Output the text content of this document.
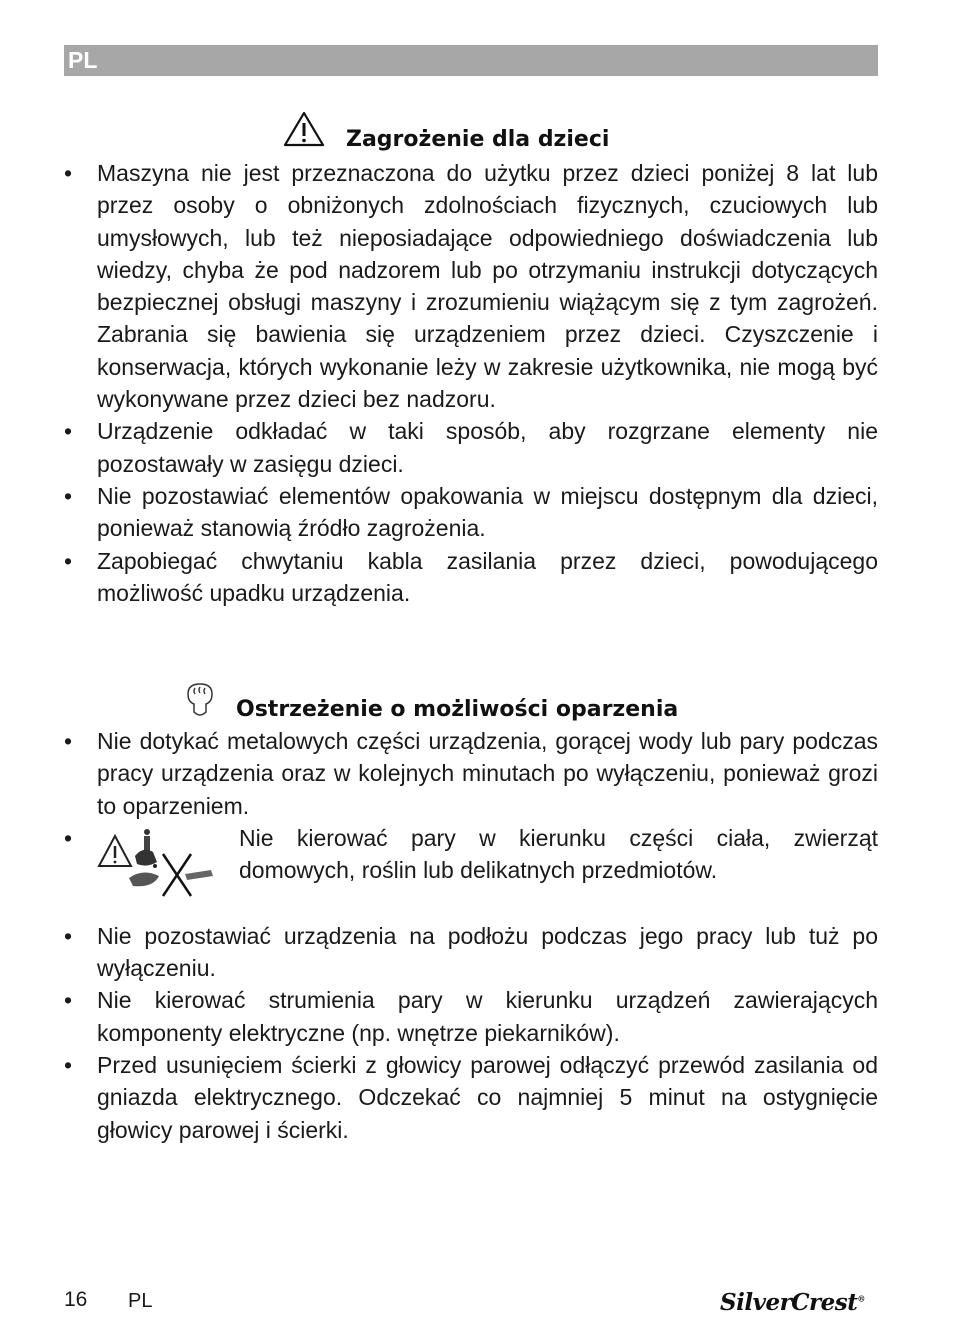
PL
Zagrożenie dla dzieci
• Maszyna nie jest przeznaczona do użytku przez dzieci poniżej 8 lat lub przez osoby o obniżonych zdolnościach fizycznych, czuciowych lub umysłowych, lub też nieposiadające odpowiedniego doświadczenia lub wiedzy, chyba że pod nadzorem lub po otrzymaniu instrukcji dotyczących bezpiecznej obsługi maszyny i zrozumieniu wiążącym się z tym zagrożeń. Zabrania się bawienia się urządzeniem przez dzieci. Czyszczenie i konserwacja, których wykonanie leży w zakresie użytkownika, nie mogą być wykonywane przez dzieci bez nadzoru.
• Urządzenie odkładać w taki sposób, aby rozgrzane elementy nie pozostawały w zasięgu dzieci.
• Nie pozostawiać elementów opakowania w miejscu dostępnym dla dzieci, ponieważ stanowią źródło zagrożenia.
• Zapobiegać chwytaniu kabla zasilania przez dzieci, powodującego możliwość upadku urządzenia.
Ostrzeżenie o możliwości oparzenia
• Nie dotykać metalowych części urządzenia, gorącej wody lub pary podczas pracy urządzenia oraz w kolejnych minutach po wyłączeniu, ponieważ grozi to oparzeniem.
•	Nie kierować pary w kierunku części ciała, zwierząt domowych, roślin lub delikatnych przedmiotów.
• Nie pozostawiać urządzenia na podłożu podczas jego pracy lub tuż po wyłączeniu.
• Nie kierować strumienia pary w kierunku urządzeń zawierających komponenty elektryczne (np. wnętrze piekarników).
• Przed usunięciem ścierki z głowicy parowej odłączyć przewód zasilania od gniazda elektrycznego. Odczekać co najmniej 5 minut na ostygnięcie głowicy parowej i ścierki.
16 PL	SilverCrest®
